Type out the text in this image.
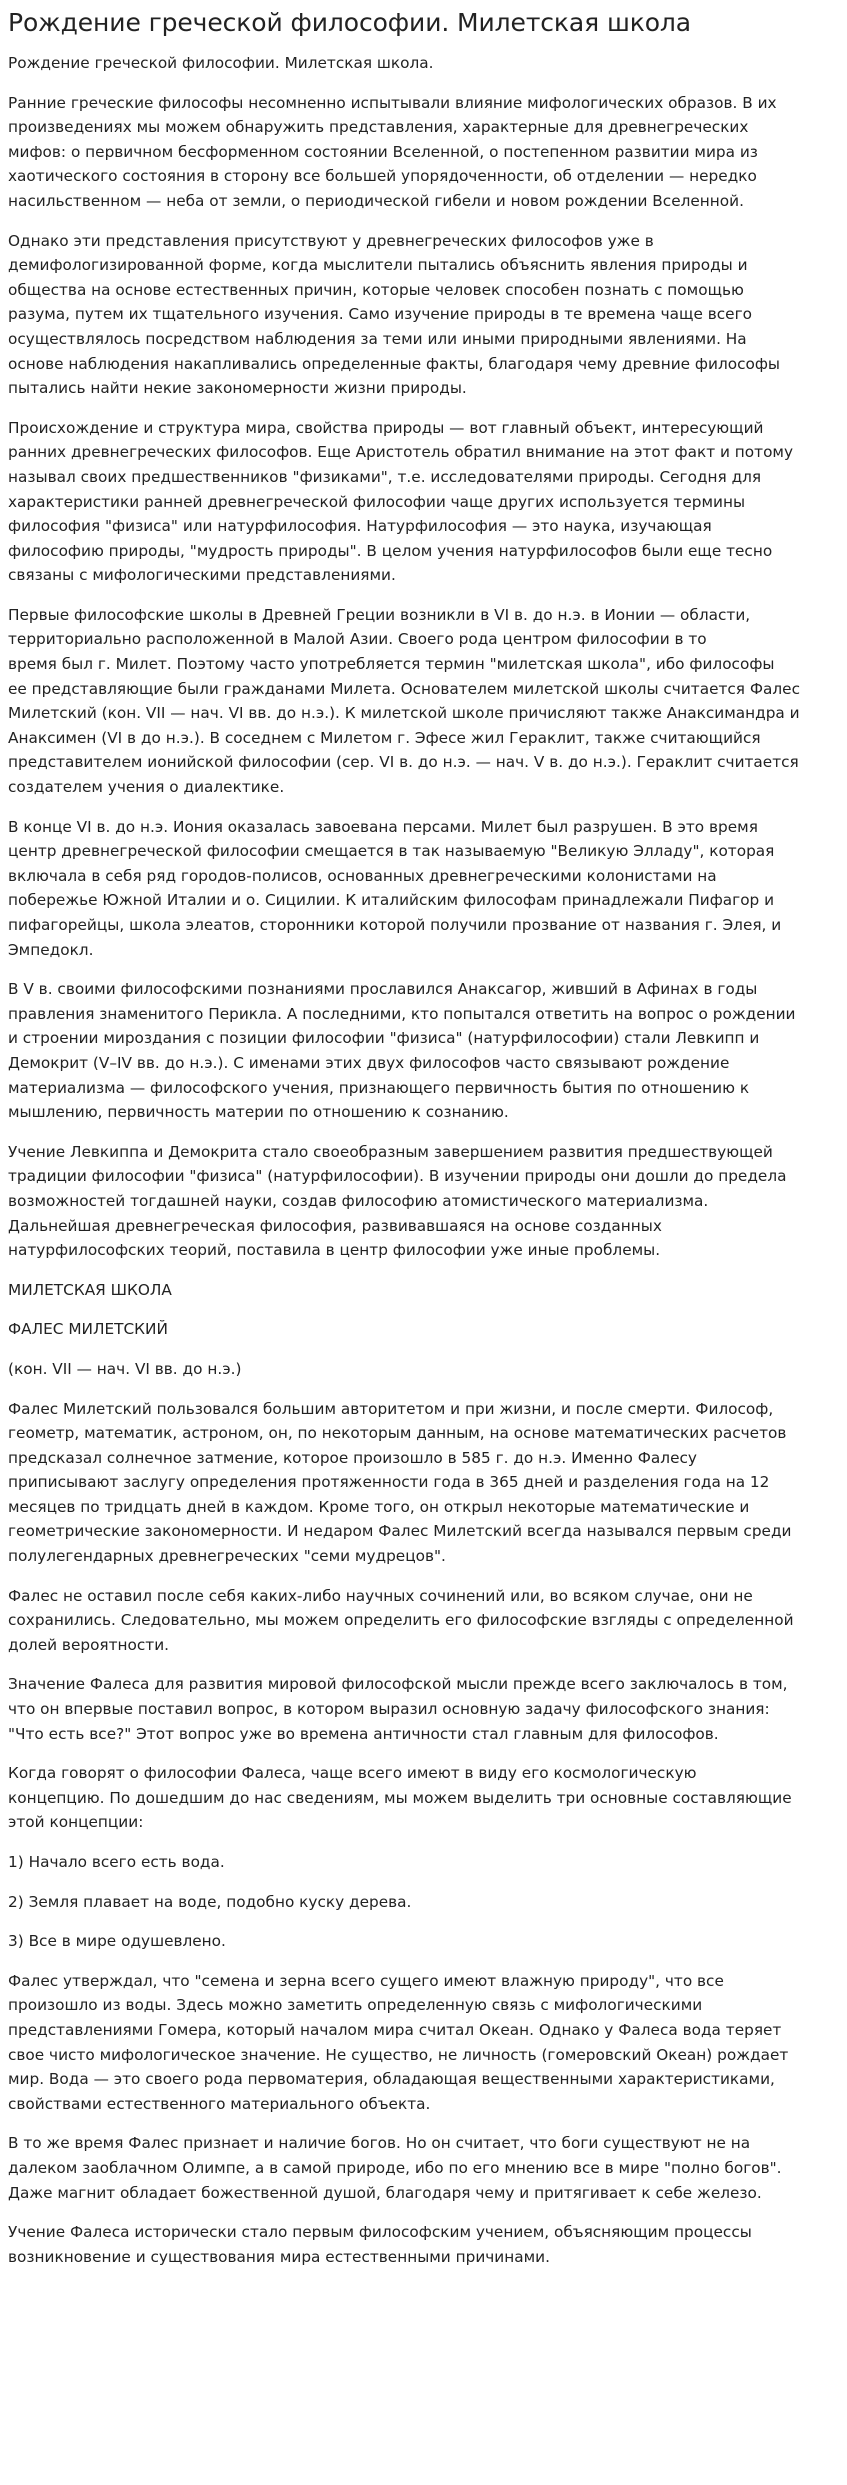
Рождение греческой философии. Милетская школа

Рождение греческой философии. Милетская школа.

Ранние греческие философы несомненно испытывали влияние мифологических образов. В их
произведениях мы можем обнаружить представления, характерные для древнегреческих
мифов: о первичном бесформенном состоянии Вселенной, о постепенном развитии мира из
хаотического состояния в сторону все большей упорядоченности, об отделении — нередко
насильственном — неба от земли, о периодической гибели и новом рождении Вселенной.

Однако эти представления присутствуют у древнегреческих философов уже в
демифологизированной форме, когда мыслители пытались объяснить явления природы и
общества на основе естественных причин, которые человек способен познать с помощью
разума, путем их тщательного изучения. Само изучение природы в те времена чаще всего
осуществлялось посредством наблюдения за теми или иными природными явлениями. На
основе наблюдения накапливались определенные факты, благодаря чему древние философы
пытались найти некие закономерности жизни природы.

Происхождение и структура мира, свойства природы — вот главный объект, интересующий
ранних древнегреческих философов. Еще Аристотель обратил внимание на этот факт и потому
называл своих предшественников "физиками", т.е. исследователями природы. Сегодня для
характеристики ранней древнегреческой философии чаще других используется термины
философия "физиса" или натурфилософия. Натурфилософия — это наука, изучающая
философию природы, "мудрость природы". В целом учения натурфилософов были еще тесно
связаны с мифологическими представлениями.

Первые философские школы в Древней Греции возникли в VI в. до н.э. в Ионии — области,
территориально расположенной в Малой Азии. Своего рода центром философии в то
время был г. Милет. Поэтому часто употребляется термин "милетская школа", ибо философы
ее представляющие были гражданами Милета. Основателем милетской школы считается Фалес
Милетский (кон. VII — нач. VI вв. до н.э.). К милетской школе причисляют также Анаксимандра и
Анаксимен (VI в до н.э.). В соседнем с Милетом г. Эфесе жил Гераклит, также считающийся
представителем ионийской философии (сер. VI в. до н.э. — нач. V в. до н.э.). Гераклит считается
создателем учения о диалектике.

В конце VI в. до н.э. Иония оказалась завоевана персами. Милет был разрушен. В это время
центр древнегреческой философии смещается в так называемую "Великую Элладу", которая
включала в себя ряд городов-полисов, основанных древнегреческими колонистами на
побережье Южной Италии и о. Сицилии. К италийским философам принадлежали Пифагор и
пифагорейцы, школа элеатов, сторонники которой получили прозвание от названия г. Элея, и
Эмпедокл.

В V в. своими философскими познаниями прославился Анаксагор, живший в Афинах в годы
правления знаменитого Перикла. А последними, кто попытался ответить на вопрос о рождении
и строении мироздания с позиции философии "физиса" (натурфилософии) стали Левкипп и
Демокрит (V–IV вв. до н.э.). С именами этих двух философов часто связывают рождение
материализма — философского учения, признающего первичность бытия по отношению к
мышлению, первичность материи по отношению к сознанию.

Учение Левкиппа и Демокрита стало своеобразным завершением развития предшествующей
традиции философии "физиса" (натурфилософии). В изучении природы они дошли до предела
возможностей тогдашней науки, создав философию атомистического материализма.
Дальнейшая древнегреческая философия, развивавшаяся на основе созданных
натурфилософских теорий, поставила в центр философии уже иные проблемы.

МИЛЕТСКАЯ ШКОЛА

ФАЛЕС МИЛЕТСКИЙ

(кон. VII — нач. VI вв. до н.э.)

Фалес Милетский пользовался большим авторитетом и при жизни, и после смерти. Философ,
геометр, математик, астроном, он, по некоторым данным, на основе математических расчетов
предсказал солнечное затмение, которое произошло в 585 г. до н.э. Именно Фалесу
приписывают заслугу определения протяженности года в 365 дней и разделения года на 12
месяцев по тридцать дней в каждом. Кроме того, он открыл некоторые математические и
геометрические закономерности. И недаром Фалес Милетский всегда назывался первым среди
полулегендарных древнегреческих "семи мудрецов".

Фалес не оставил после себя каких-либо научных сочинений или, во всяком случае, они не
сохранились. Следовательно, мы можем определить его философские взгляды с определенной
долей вероятности.

Значение Фалеса для развития мировой философской мысли прежде всего заключалось в том,
что он впервые поставил вопрос, в котором выразил основную задачу философского знания:
"Что есть все?" Этот вопрос уже во времена античности стал главным для философов.

Когда говорят о философии Фалеса, чаще всего имеют в виду его космологическую
концепцию. По дошедшим до нас сведениям, мы можем выделить три основные составляющие
этой концепции:

1) Начало всего есть вода.

2) Земля плавает на воде, подобно куску дерева.

3) Все в мире одушевлено.

Фалес утверждал, что "семена и зерна всего сущего имеют влажную природу", что все
произошло из воды. Здесь можно заметить определенную связь с мифологическими
представлениями Гомера, который началом мира считал Океан. Однако у Фалеса вода теряет
свое чисто мифологическое значение. Не существо, не личность (гомеровский Океан) рождает
мир. Вода — это своего рода первоматерия, обладающая вещественными характеристиками,
свойствами естественного материального объекта.

В то же время Фалес признает и наличие богов. Но он считает, что боги существуют не на
далеком заоблачном Олимпе, а в самой природе, ибо по его мнению все в мире "полно богов".
Даже магнит обладает божественной душой, благодаря чему и притягивает к себе железо.

Учение Фалеса исторически стало первым философским учением, объясняющим процессы
возникновение и существования мира естественными причинами.
